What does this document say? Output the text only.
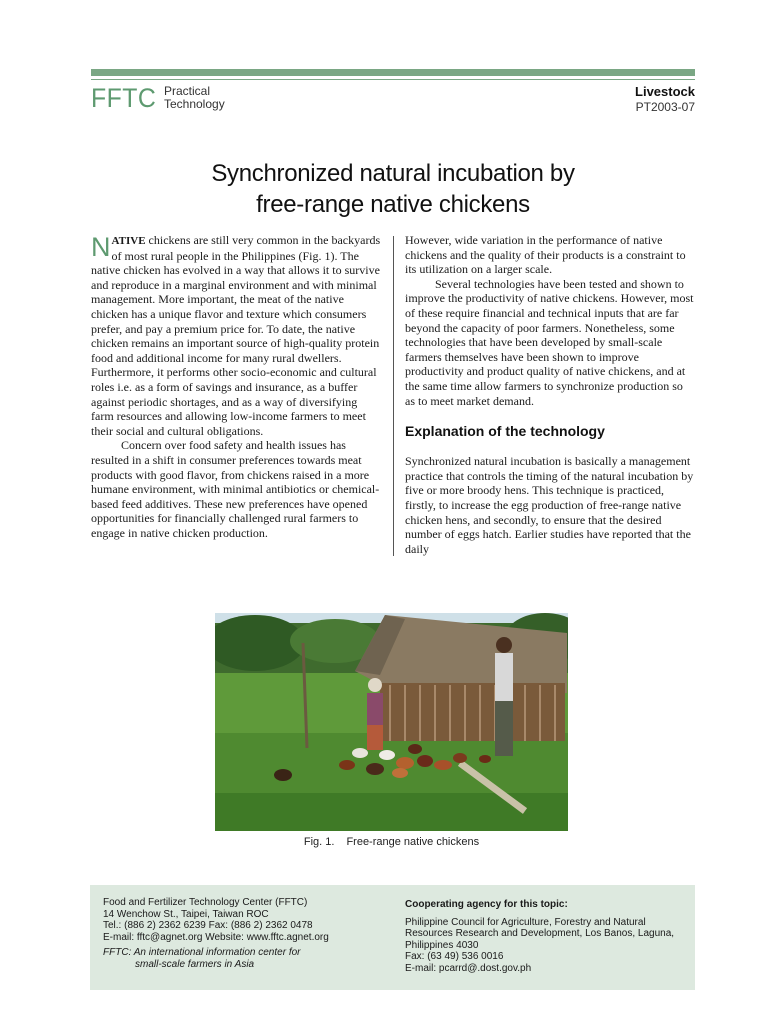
FFTC Practical
Technology
Livestock
PT2003-07
Synchronized natural incubation by
free-range native chickens

NATIVE chickens are still very common in the backyards of most rural people in the Philippines (Fig. 1). The native chicken has evolved in a way that allows it to survive and reproduce in a marginal environment and with minimal management. More important, the meat of the native chicken has a unique flavor and texture which consumers prefer, and pay a premium price for. To date, the native chicken remains an important source of high-quality protein food and additional income for many rural dwellers. Furthermore, it performs other socio-economic and cultural roles i.e. as a form of savings and insurance, as a buffer against periodic shortages, and as a way of diversifying farm resources and allowing low-income farmers to meet their social and cultural obligations.

Concern over food safety and health issues has resulted in a shift in consumer preferences towards meat products with good flavor, from chickens raised in a more humane environment, with minimal antibiotics or chemical-based feed additives. These new preferences have opened opportunities for financially challenged rural farmers to engage in native chicken production.

However, wide variation in the performance of native chickens and the quality of their products is a constraint to its utilization on a larger scale.

Several technologies have been tested and shown to improve the productivity of native chickens. However, most of these require financial and technical inputs that are far beyond the capacity of poor farmers. Nonetheless, some technologies that have been developed by small-scale farmers themselves have been shown to improve productivity and product quality of native chickens, and at the same time allow farmers to synchronize production so as to meet market demand.

Explanation of the technology

Synchronized natural incubation is basically a management practice that controls the timing of the natural incubation by five or more broody hens. This technique is practiced, firstly, to increase the egg production of free-range native chicken hens, and secondly, to ensure that the desired number of eggs hatch. Earlier studies have reported that the daily

Fig. 1. Free-range native chickens
Food and Fertilizer Technology Center (FFTC)
14 Wenchow St., Taipei, Taiwan ROC
Tel.: (886 2) 2362 6239 Fax: (886 2) 2362 0478
E-mail: fftc@agnet.org Website: www.fftc.agnet.org
FFTC: An international information center for
small-scale farmers in Asia
Cooperating agency for this topic:
Philippine Council for Agriculture, Forestry and Natural Resources Research and Development, Los Banos, Laguna, Philippines 4030
Fax: (63 49) 536 0016
E-mail: pcarrd@.dost.gov.ph
